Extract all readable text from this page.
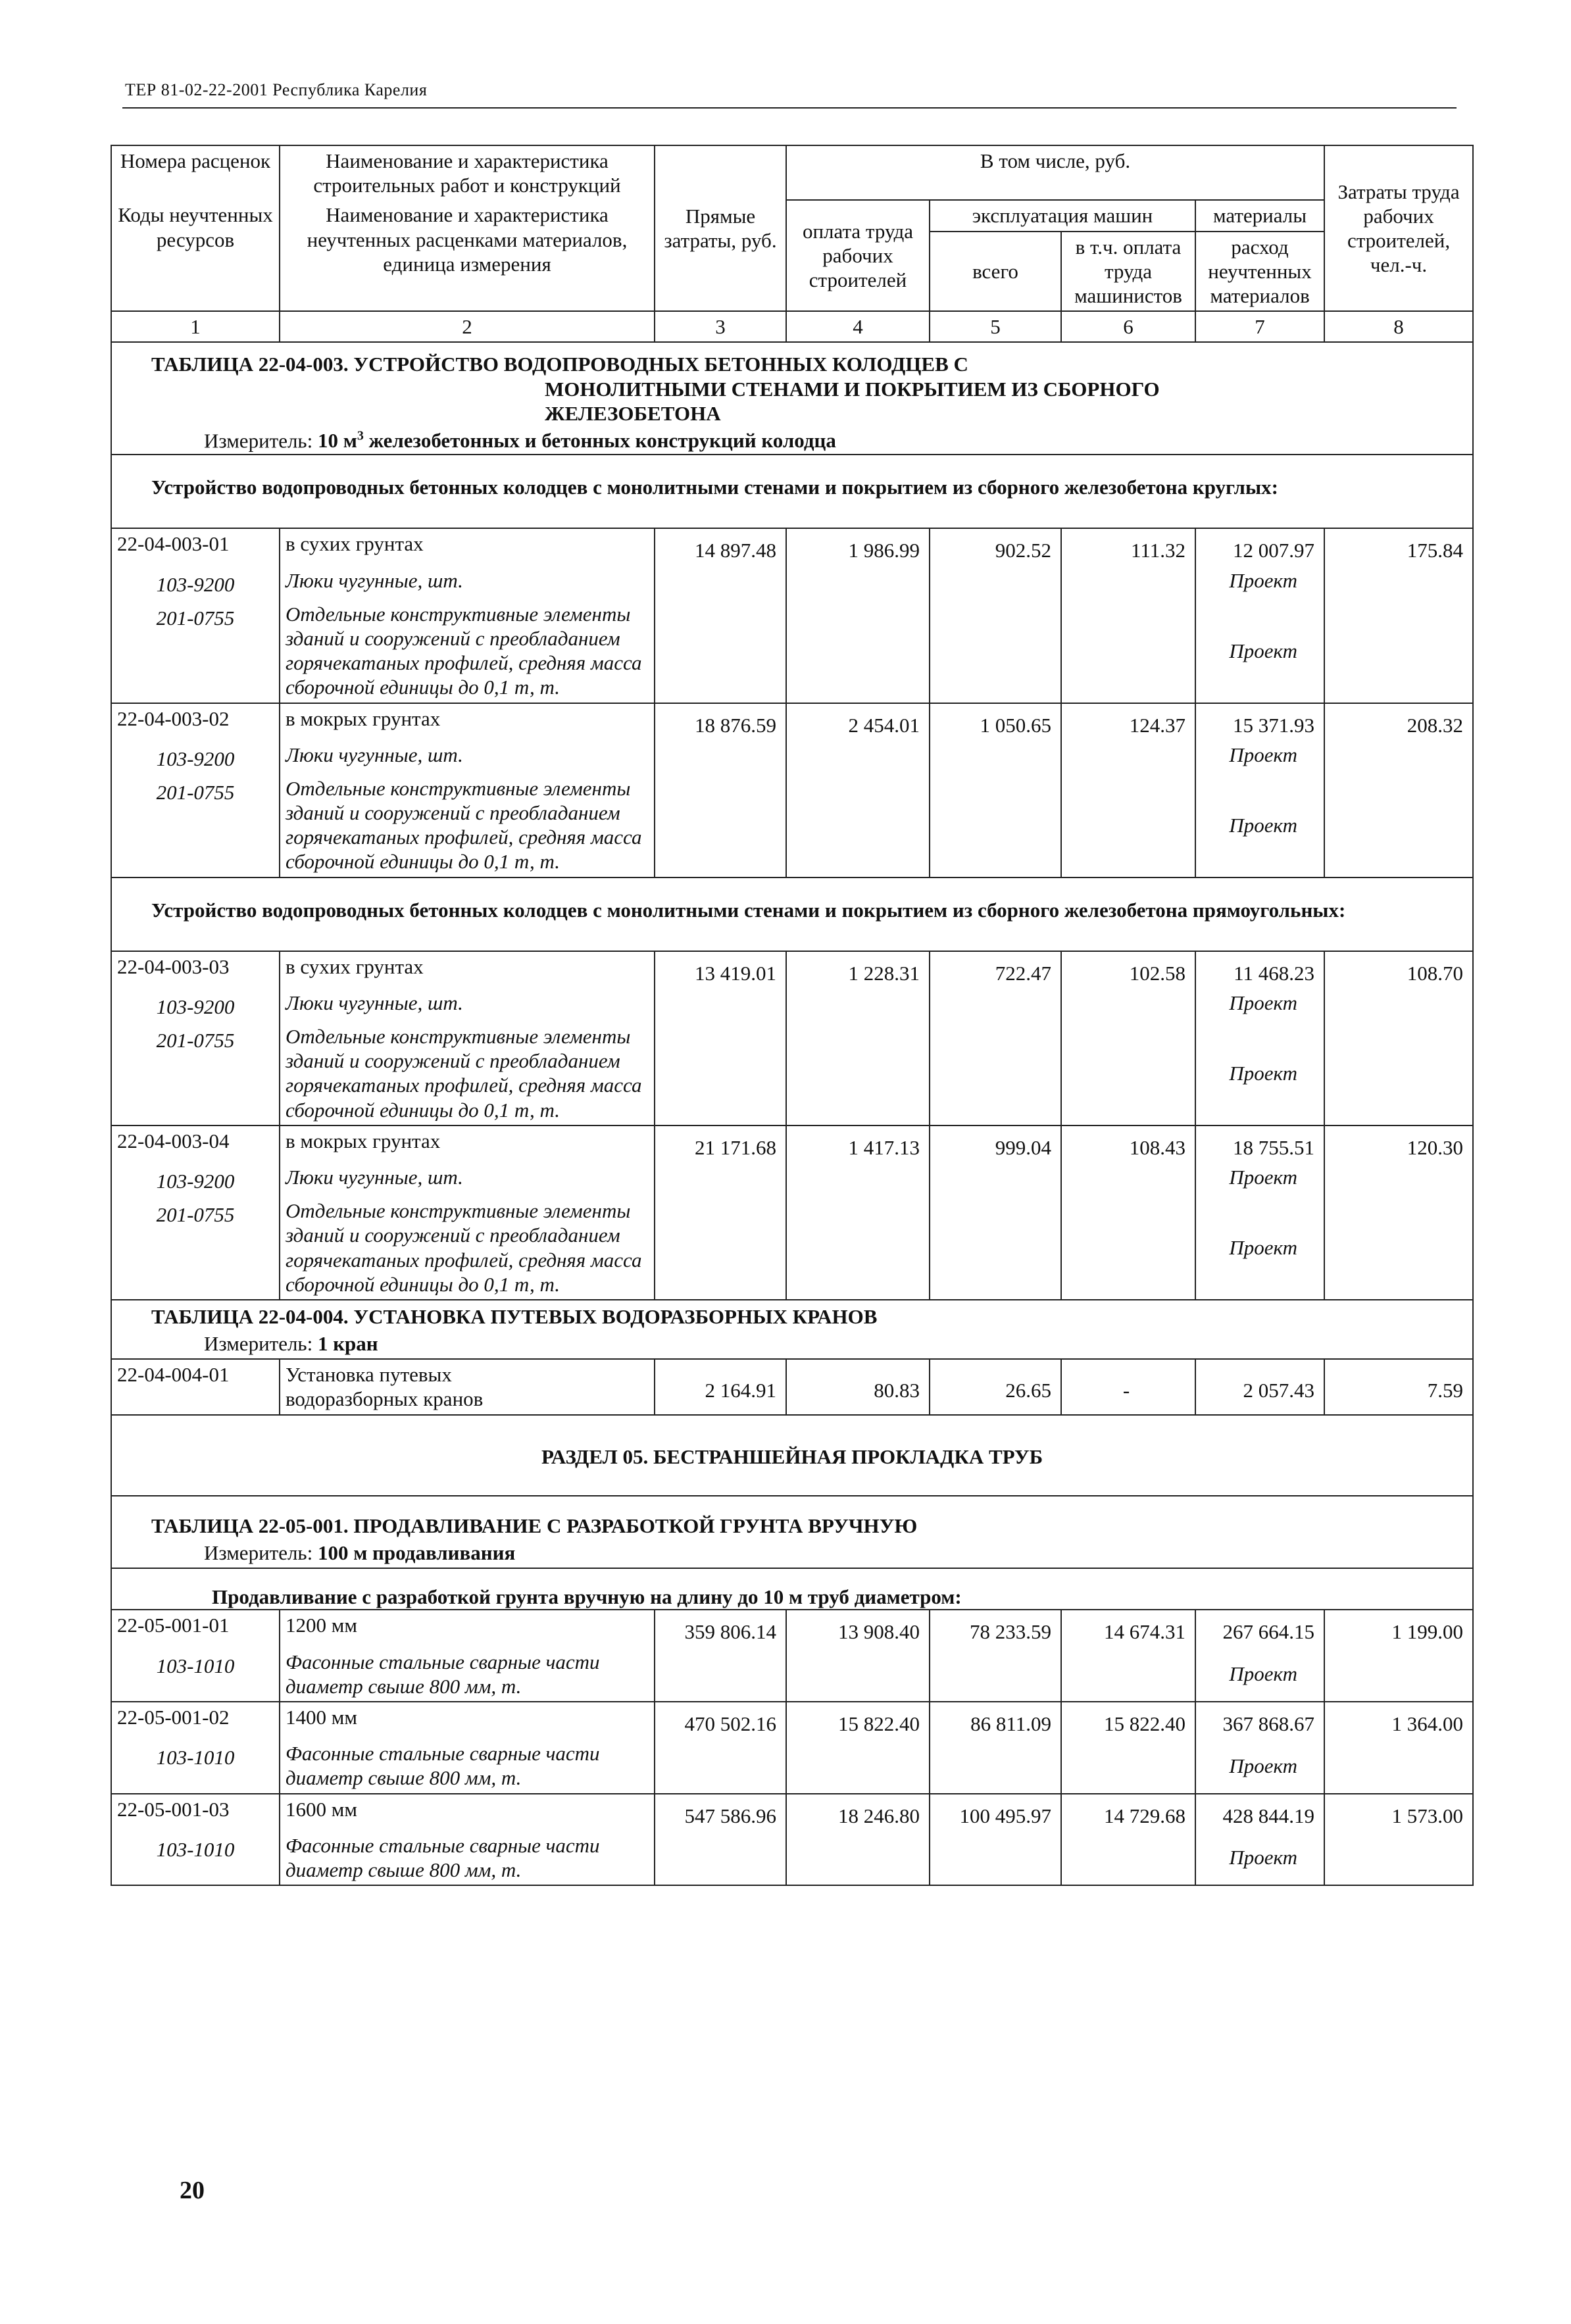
ТЕР 81-02-22-2001 Республика Карелия
Номера расценок	Наименование и характеристика строительных работ и конструкций	Прямые затраты, руб.	В том числе, руб.				Затраты труда рабочих строителей, чел.-ч.
Коды неучтенных ресурсов	Наименование и характеристика неучтенных расценками материалов, единица измерения		оплата труда рабочих строителей	эксплуатация машин		материалы	
				всего	в т.ч. оплата труда машинистов	расход неучтенных материалов	
1	2	3	4	5	6	7	8

ТАБЛИЦА 22-04-003. УСТРОЙСТВО ВОДОПРОВОДНЫХ БЕТОННЫХ КОЛОДЦЕВ С
МОНОЛИТНЫМИ СТЕНАМИ И ПОКРЫТИЕМ ИЗ СБОРНОГО
ЖЕЛЕЗОБЕТОНА							

Измеритель: 10 $м^3$ железобетонных и бетонных конструкций колодца							
Устройство водопроводных бетонных колодцев с монолитными стенами и покрытием из сборного железобетона круглых:							
22-04-003-01	в сухих грунтах	14 897.48	1 986.99	902.52	111.32	12 007.97	175.84
103-9200	Люки чугунные, шт.					Проект	
201-0755	Отдельные конструктивные элементы зданий и сооружений с преобладанием горячекатаных профилей, средняя масса сборочной единицы до 0,1 т, т.					Проект	
22-04-003-02	в мокрых грунтах	18 876.59	2 454.01	1 050.65	124.37	15 371.93	208.32
103-9200	Люки чугунные, шт.					Проект	
201-0755	Отдельные конструктивные элементы зданий и сооружений с преобладанием горячекатаных профилей, средняя масса сборочной единицы до 0,1 т, т.					Проект	
Устройство водопроводных бетонных колодцев с монолитными стенами и покрытием из сборного железобетона прямоугольных:							
22-04-003-03	в сухих грунтах	13 419.01	1 228.31	722.47	102.58	11 468.23	108.70
103-9200	Люки чугунные, шт.					Проект	
201-0755	Отдельные конструктивные элементы зданий и сооружений с преобладанием горячекатаных профилей, средняя масса сборочной единицы до 0,1 т, т.					Проект	
22-04-003-04	в мокрых грунтах	21 171.68	1 417.13	999.04	108.43	18 755.51	120.30
103-9200	Люки чугунные, шт.					Проект	
201-0755	Отдельные конструктивные элементы зданий и сооружений с преобладанием горячекатаных профилей, средняя масса сборочной единицы до 0,1 т, т.					Проект	
ТАБЛИЦА 22-04-004. УСТАНОВКА ПУТЕВЫХ ВОДОРАЗБОРНЫХ КРАНОВ							
Измеритель: 1 кран							
22-04-004-01	Установка путевых водоразборных кранов	2 164.91	80.83	26.65	-	2 057.43	7.59
РАЗДЕЛ 05. БЕСТРАНШЕЙНАЯ ПРОКЛАДКА ТРУБ							
ТАБЛИЦА 22-05-001. ПРОДАВЛИВАНИЕ С РАЗРАБОТКОЙ ГРУНТА ВРУЧНУЮ							
Измеритель: 100 м продавливания							
Продавливание с разработкой грунта вручную на длину до 10 м труб диаметром:							
22-05-001-01	1200 мм	359 806.14	13 908.40	78 233.59	14 674.31	267 664.15	1 199.00
103-1010	Фасонные стальные сварные части диаметр свыше 800 мм, т.					Проект	
22-05-001-02	1400 мм	470 502.16	15 822.40	86 811.09	15 822.40	367 868.67	1 364.00
103-1010	Фасонные стальные сварные части диаметр свыше 800 мм, т.					Проект	
22-05-001-03	1600 мм	547 586.96	18 246.80	100 495.97	14 729.68	428 844.19	1 573.00
103-1010	Фасонные стальные сварные части диаметр свыше 800 мм, т.					Проект	
20
